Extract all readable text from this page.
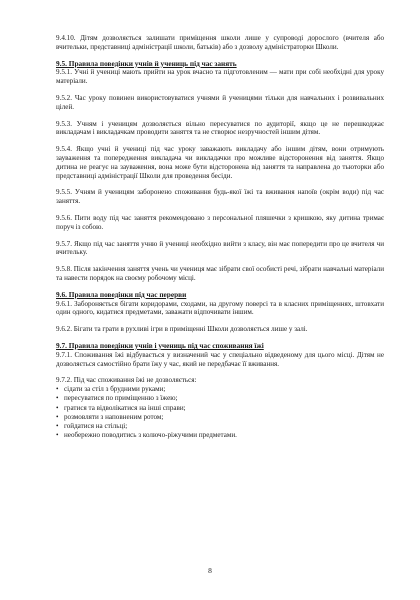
9.4.10. Дітям дозволяється залишати приміщення школи лише у супроводі дорослого (вчителя або вчительки, представниці адміністрації школи, батьків) або з дозволу адміністраторки Школи.

9.5. Правила поведінки учнів й учениць під час занять

9.5.1. Учні й учениці мають прийти на урок вчасно та підготовленим — мати при собі необхідні для уроку матеріали.

9.5.2. Час уроку повинен використовуватися учнями й ученицями тільки для навчальних і розвивальних цілей.

9.5.3. Учням і ученицям дозволяється вільно пересуватися по аудиторії, якщо це не перешкоджає викладачам і викладачкам проводити заняття та не створює незручностей іншим дітям.

9.5.4. Якщо учні й учениці під час уроку заважають викладачу або іншим дітям, вони отримують зауваження та попередження викладача чи викладачки про можливе відсторонення від заняття. Якщо дитина не реагує на зауваження, вона може бути відсторонена від заняття та направлена до тьюторки або представниці адміністрації Школи для проведення бесіди.

9.5.5. Учням й ученицям заборонено споживання будь-якої їжі та вживання напоїв (окрім води) під час заняття.

9.5.6. Пити воду під час заняття рекомендовано з персональної пляшечки з кришкою, яку дитина тримає поруч із собою.

9.5.7. Якщо під час заняття учню й учениці необхідно вийти з класу, він має попередити про це вчителя чи вчительку.

9.5.8. Після закінчення заняття учень чи учениця має зібрати свої особисті речі, зібрати навчальні матеріали та навести порядок на своєму робочому місці.

9.6. Правила поведінки під час перерви

9.6.1. Забороняється бігати коридорами, сходами, на другому поверсі та в класних приміщеннях, штовхати один одного, кидатися предметами, заважати відпочивати іншим.

9.6.2. Бігати та грати в рухливі ігри в приміщенні Школи дозволяється лише у залі.

9.7. Правила поведінки учнів і учениць під час споживання їжі

9.7.1. Споживання їжі відбувається у визначений час у спеціально відведеному для цього місці. Дітям не дозволяється самостійно брати їжу у час, який не передбачає її вживання.

9.7.2. Під час споживання їжі не дозволяється:

• сідати за стіл з брудними руками;
• пересуватися по приміщенню з їжею;
• гратися та відволікатися на інші справи;
• розмовляти з наповненим ротом;
• гойдатися на стільці;
• необережно поводитись з колючо-ріжучими предметами.
8
